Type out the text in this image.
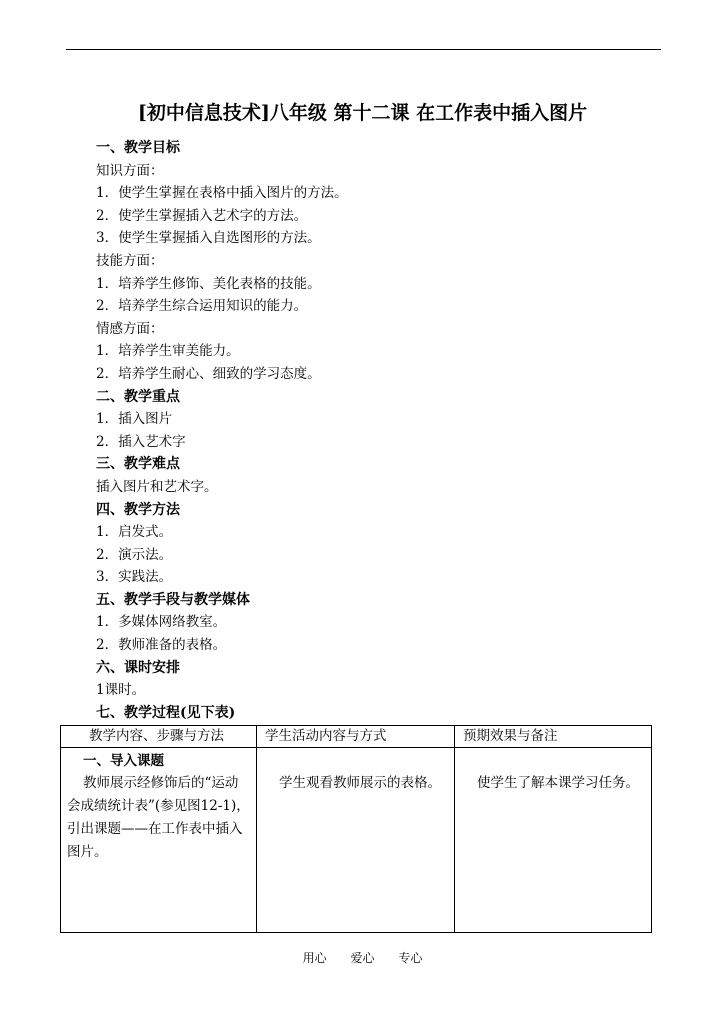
[初中信息技术]八年级 第十二课 在工作表中插入图片
一、教学目标
知识方面：
1．使学生掌握在表格中插入图片的方法。
2．使学生掌握插入艺术字的方法。
3．使学生掌握插入自选图形的方法。
技能方面：
1．培养学生修饰、美化表格的技能。
2．培养学生综合运用知识的能力。
情感方面：
1．培养学生审美能力。
2．培养学生耐心、细致的学习态度。
二、教学重点
1．插入图片
2．插入艺术字
三、教学难点
插入图片和艺术字。
四、教学方法
1．启发式。
2．演示法。
3．实践法。
五、教学手段与教学媒体
1．多媒体网络教室。
2．教师准备的表格。
六、课时安排
1课时。
七、教学过程(见下表)
教学内容、步骤与方法	学生活动内容与方式	预期效果与备注

一、导入课题
教师展示经修饰后的“运动会成绩统计表”(参见图12-1)，引出课题——在工作表中插入图片。	学生观看教师展示的表格。	使学生了解本课学习任务。
用心 爱心 专心
